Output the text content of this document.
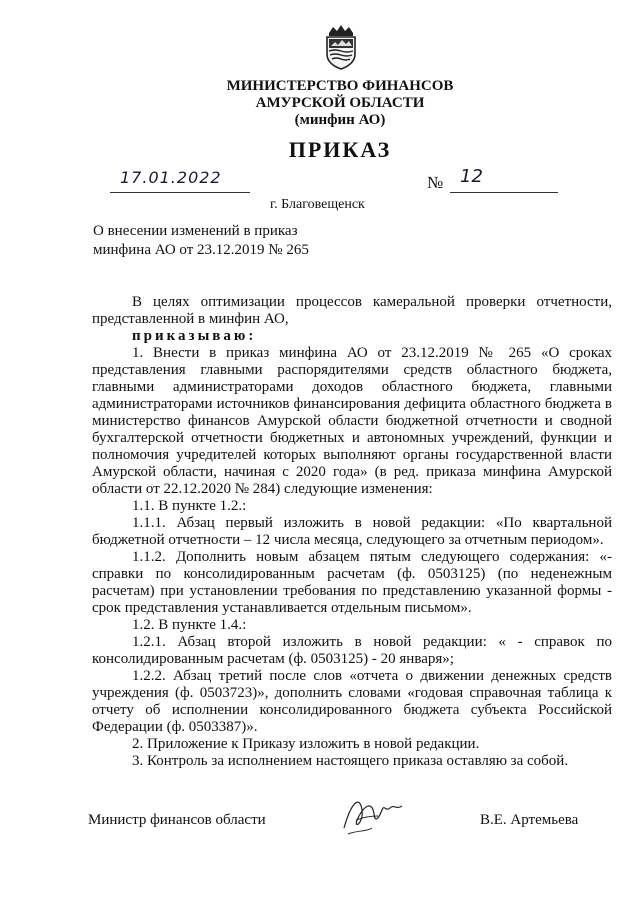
МИНИСТЕРСТВО ФИНАНСОВ
АМУРСКОЙ ОБЛАСТИ
(минфин АО)
ПРИКАЗ
17.01.2022	№ 12
г. Благовещенск
О внесении изменений в приказ
минфина АО от 23.12.2019 № 265

В целях оптимизации процессов камеральной проверки отчетности, представленной в минфин АО,

приказываю:

1. Внести в приказ минфина АО от 23.12.2019 № 265 «О сроках представления главными распорядителями средств областного бюджета, главными администраторами доходов областного бюджета, главными администраторами источников финансирования дефицита областного бюджета в министерство финансов Амурской области бюджетной отчетности и сводной бухгалтерской отчетности бюджетных и автономных учреждений, функции и полномочия учредителей которых выполняют органы государственной власти Амурской области, начиная с 2020 года» (в ред. приказа минфина Амурской области от 22.12.2020 № 284) следующие изменения:

1.1. В пункте 1.2.:

1.1.1. Абзац первый изложить в новой редакции: «По квартальной бюджетной отчетности – 12 числа месяца, следующего за отчетным периодом».

1.1.2. Дополнить новым абзацем пятым следующего содержания: «- справки по консолидированным расчетам (ф. 0503125) (по неденежным расчетам) при установлении требования по представлению указанной формы - срок представления устанавливается отдельным письмом».

1.2. В пункте 1.4.:

1.2.1. Абзац второй изложить в новой редакции: « - справок по консолидированным расчетам (ф. 0503125) - 20 января»;

1.2.2. Абзац третий после слов «отчета о движении денежных средств учреждения (ф. 0503723)», дополнить словами «годовая справочная таблица к отчету об исполнении консолидированного бюджета субъекта Российской Федерации (ф. 0503387)».

2. Приложение к Приказу изложить в новой редакции.

3. Контроль за исполнением настоящего приказа оставляю за собой.

Министр финансов области	В.Е. Артемьева
